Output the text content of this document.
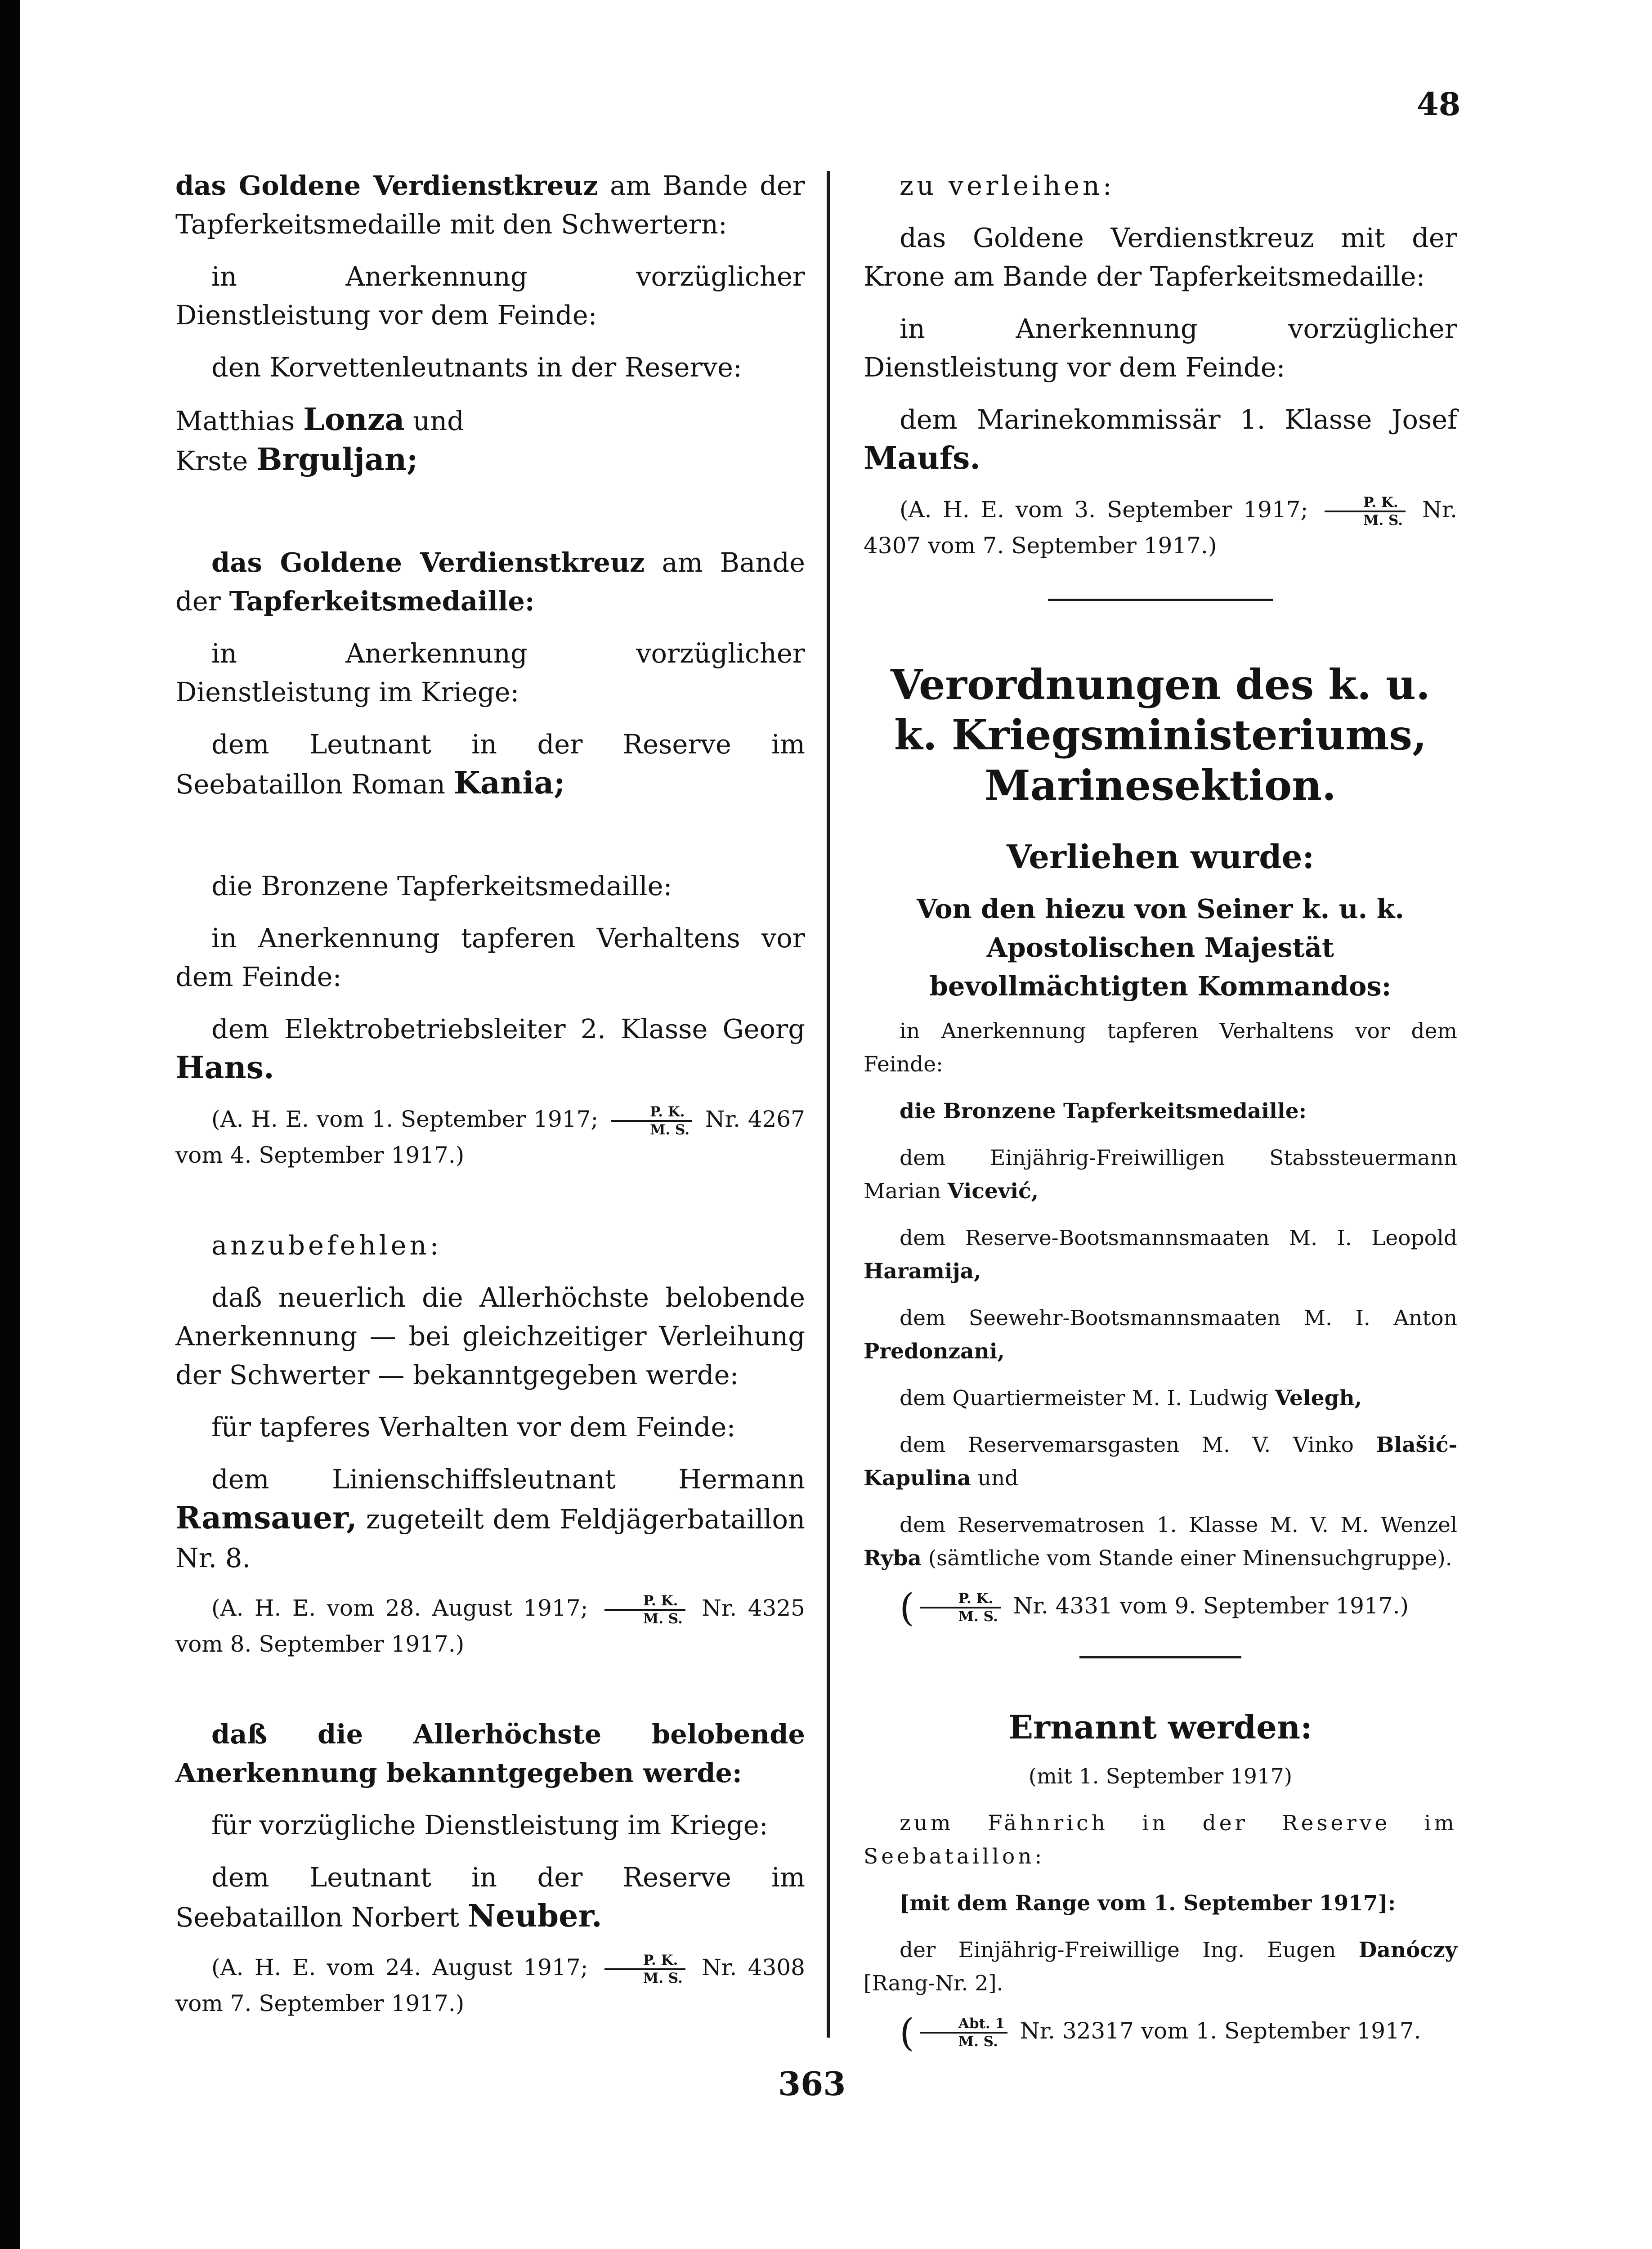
48

das Goldene Verdienstkreuz am Bande der Tapferkeitsmedaille mit den Schwertern:

in Anerkennung vorzüglicher Dienstleistung vor dem Feinde:

den Korvettenleutnants in der Reserve:

Matthias Lonza und

Krste Brguljan;

das Goldene Verdienstkreuz am Bande der Tapferkeitsmedaille:

in Anerkennung vorzüglicher Dienstleistung im Kriege:

dem Leutnant in der Reserve im Seebataillon Roman Kania;

die Bronzene Tapferkeitsmedaille:

in Anerkennung tapferen Verhaltens vor dem Feinde:

dem Elektrobetriebsleiter 2. Klasse Georg Hans.

(A. H. E. vom 1. September 1917; $\frac{P. K.}{M. S.} Nr$. 4267 vom 4. September 1917.)

anzubefehlen:

daß neuerlich die Allerhöchste belobende Anerkennung — bei gleichzeitiger Verleihung der Schwerter — bekanntgegeben werde:

für tapferes Verhalten vor dem Feinde:

dem Linienschiffsleutnant Hermann Ramsauer, zugeteilt dem Feldjägerbataillon Nr. 8.

(A. H. E. vom 28. August 1917; $\frac{P. K.}{M. S.} Nr$. 4325 vom 8. September 1917.)

daß die Allerhöchste belobende Anerkennung bekanntgegeben werde:

für vorzügliche Dienstleistung im Kriege:

dem Leutnant in der Reserve im Seebataillon Norbert Neuber.

(A. H. E. vom 24. August 1917; $\frac{P. K.}{M. S.} Nr$. 4308 vom 7. September 1917.)

zu verleihen:

das Goldene Verdienstkreuz mit der Krone am Bande der Tapferkeitsmedaille:

in Anerkennung vorzüglicher Dienstleistung vor dem Feinde:

dem Marinekommissär 1. Klasse Josef Maufs.

(A. H. E. vom 3. September 1917; $\frac{P. K.}{M. S.} Nr$. 4307 vom 7. September 1917.)

Verordnungen des k. u. k. Kriegsministeriums, Marinesektion.
Verliehen wurde:
Von den hiezu von Seiner k. u. k. Apostolischen Majestät bevollmächtigten Kommandos:

in Anerkennung tapferen Verhaltens vor dem Feinde:

die Bronzene Tapferkeitsmedaille:

dem Einjährig-Freiwilligen Stabssteuermann Marian Vicević,

dem Reserve-Bootsmannsmaaten M. I. Leopold Haramija,

dem Seewehr-Bootsmannsmaaten M. I. Anton Predonzani,

dem Quartiermeister M. I. Ludwig Velegh,

dem Reservemarsgasten M. V. Vinko Blašić-Kapulina und

dem Reservematrosen 1. Klasse M. V. M. Wenzel Ryba (sämtliche vom Stande einer Minensuchgruppe).

( $\frac{P. K.}{M. S.} Nr$. 4331 vom 9. September 1917.)

Ernannt werden:

(mit 1. September 1917)

zum Fähnrich in der Reserve im Seebataillon:

[mit dem Range vom 1. September 1917]:

der Einjährig-Freiwillige Ing. Eugen Danóczy [Rang-Nr. 2].

( $\frac{\text{Abt. 1}}{M. S.} Nr$. 32317 vom 1. September 1917.

363
